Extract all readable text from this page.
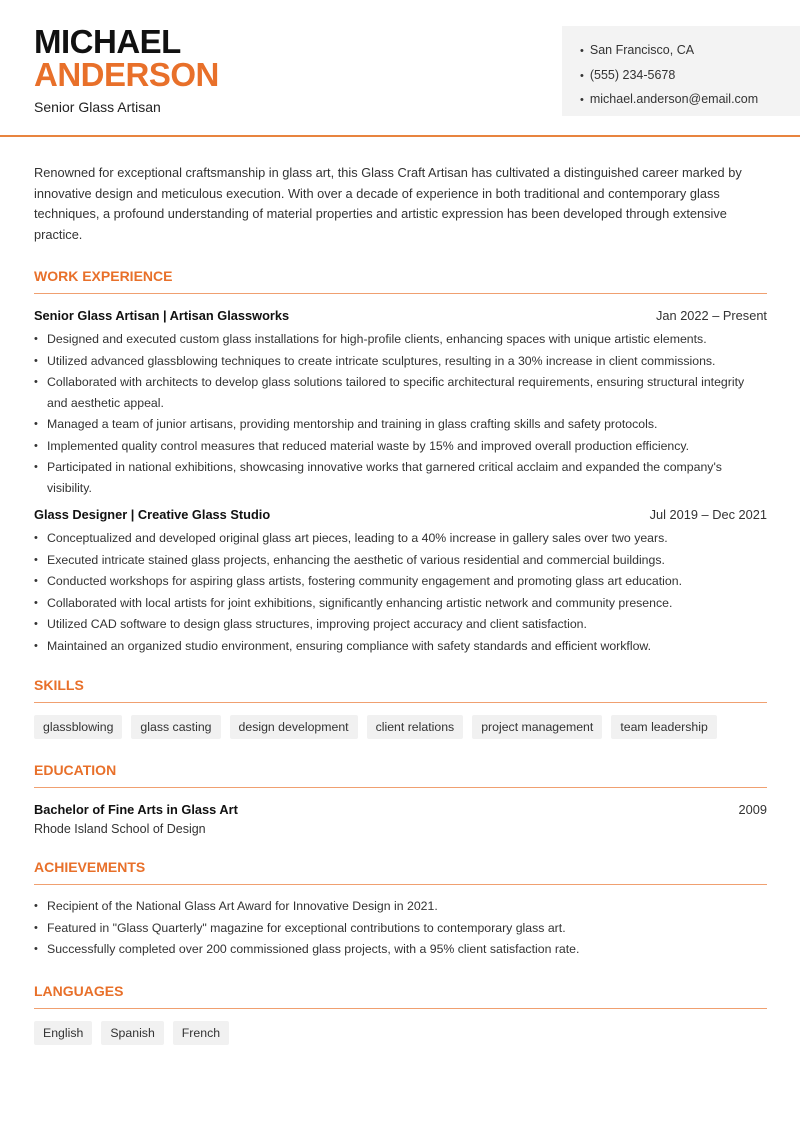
MICHAEL
ANDERSON
Senior Glass Artisan
• San Francisco, CA
• (555) 234-5678
• michael.anderson@email.com

Renowned for exceptional craftsmanship in glass art, this Glass Craft Artisan has cultivated a distinguished career marked by innovative design and meticulous execution. With over a decade of experience in both traditional and contemporary glass techniques, a profound understanding of material properties and artistic expression has been developed through extensive practice.

WORK EXPERIENCE
Senior Glass Artisan | Artisan Glassworks	Jan 2022 – Present
• Designed and executed custom glass installations for high-profile clients, enhancing spaces with unique artistic elements.
• Utilized advanced glassblowing techniques to create intricate sculptures, resulting in a 30% increase in client commissions.
• Collaborated with architects to develop glass solutions tailored to specific architectural requirements, ensuring structural integrity and aesthetic appeal.
• Managed a team of junior artisans, providing mentorship and training in glass crafting skills and safety protocols.
• Implemented quality control measures that reduced material waste by 15% and improved overall production efficiency.
• Participated in national exhibitions, showcasing innovative works that garnered critical acclaim and expanded the company's visibility.
Glass Designer | Creative Glass Studio	Jul 2019 – Dec 2021
• Conceptualized and developed original glass art pieces, leading to a 40% increase in gallery sales over two years.
• Executed intricate stained glass projects, enhancing the aesthetic of various residential and commercial buildings.
• Conducted workshops for aspiring glass artists, fostering community engagement and promoting glass art education.
• Collaborated with local artists for joint exhibitions, significantly enhancing artistic network and community presence.
• Utilized CAD software to design glass structures, improving project accuracy and client satisfaction.
• Maintained an organized studio environment, ensuring compliance with safety standards and efficient workflow.
SKILLS
glassblowing	glass casting	design development	client relations	project management	team leadership
EDUCATION
Bachelor of Fine Arts in Glass Art	2009
Rhode Island School of Design
ACHIEVEMENTS
• Recipient of the National Glass Art Award for Innovative Design in 2021.
• Featured in "Glass Quarterly" magazine for exceptional contributions to contemporary glass art.
• Successfully completed over 200 commissioned glass projects, with a 95% client satisfaction rate.
LANGUAGES
English	Spanish	French
